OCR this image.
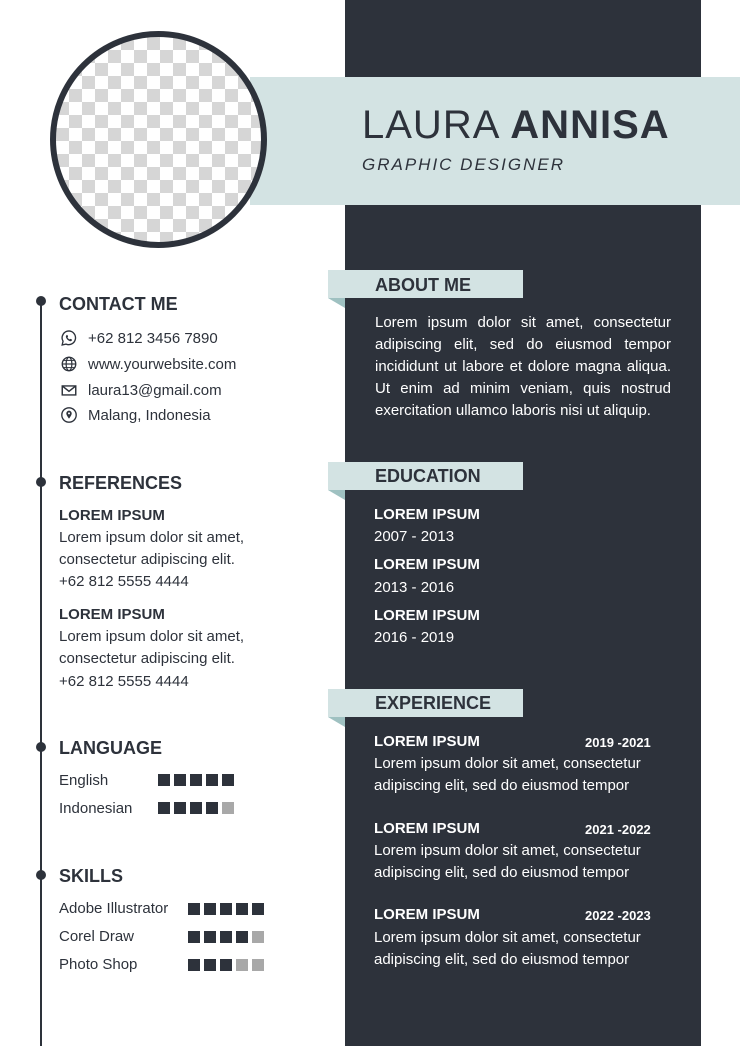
LAURA ANNISA
GRAPHIC DESIGNER
CONTACT ME
+62 812 3456 7890
www.yourwebsite.com
laura13@gmail.com
Malang, Indonesia
REFERENCES
LOREM IPSUM
Lorem ipsum dolor sit amet,
consectetur adipiscing elit.
+62 812 5555 4444
LOREM IPSUM
Lorem ipsum dolor sit amet,
consectetur adipiscing elit.
+62 812 5555 4444
LANGUAGE
English
Indonesian
SKILLS
Adobe Illustrator
Corel Draw
Photo Shop
ABOUT ME
Lorem ipsum dolor sit amet, consectetur adipiscing elit, sed do eiusmod tempor incididunt ut labore et dolore magna aliqua. Ut enim ad minim veniam, quis nostrud exercitation ullamco laboris nisi ut aliquip.
EDUCATION
LOREM IPSUM
2007 - 2013
LOREM IPSUM
2013 - 2016
LOREM IPSUM
2016 - 2019
EXPERIENCE
LOREM IPSUM	2019 -2021
Lorem ipsum dolor sit amet, consectetur
adipiscing elit, sed do eiusmod tempor
LOREM IPSUM	2021 -2022
Lorem ipsum dolor sit amet, consectetur
adipiscing elit, sed do eiusmod tempor
LOREM IPSUM	2022 -2023
Lorem ipsum dolor sit amet, consectetur
adipiscing elit, sed do eiusmod tempor
